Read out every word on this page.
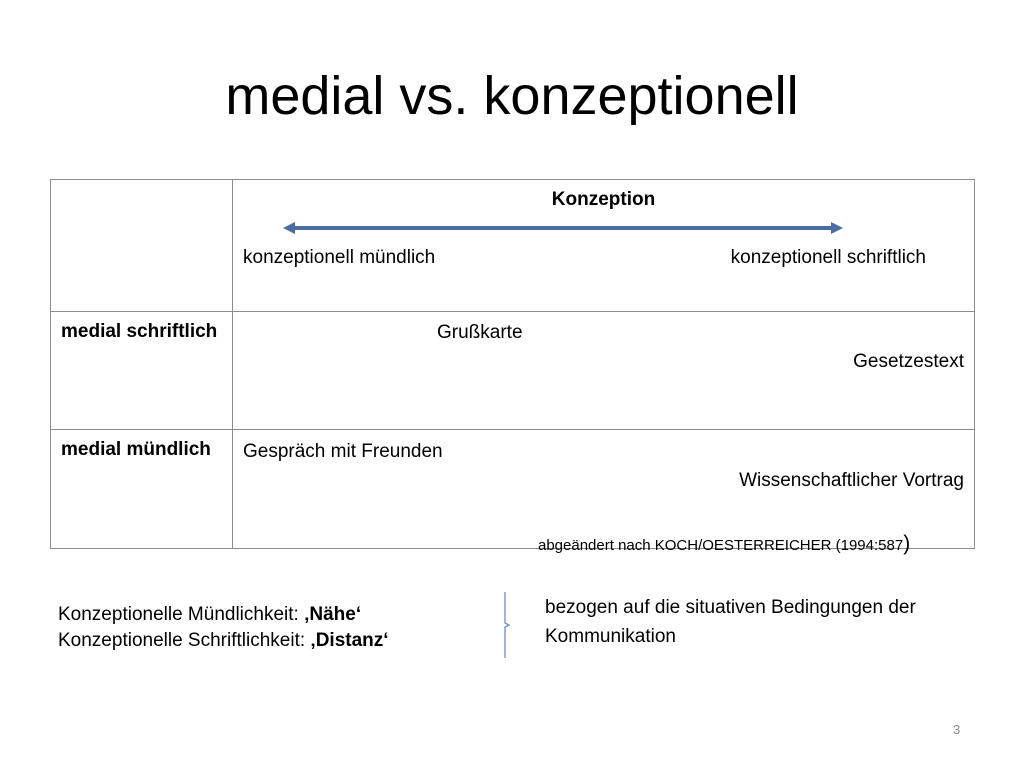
medial vs. konzeptionell

	Konzeption
konzeptionell mündlich konzeptionell schriftlich

medial schriftlich	Grußkarte
Gesetzestext

medial mündlich	Gespräch mit Freunden
Wissenschaftlicher Vortrag
abgeändert nach KOCH/OESTERREICHER (1994:587)
Konzeptionelle Mündlichkeit: ‚Nähe‘
Konzeptionelle Schriftlichkeit: ‚Distanz‘
bezogen auf die situativen Bedingungen der Kommunikation
3
